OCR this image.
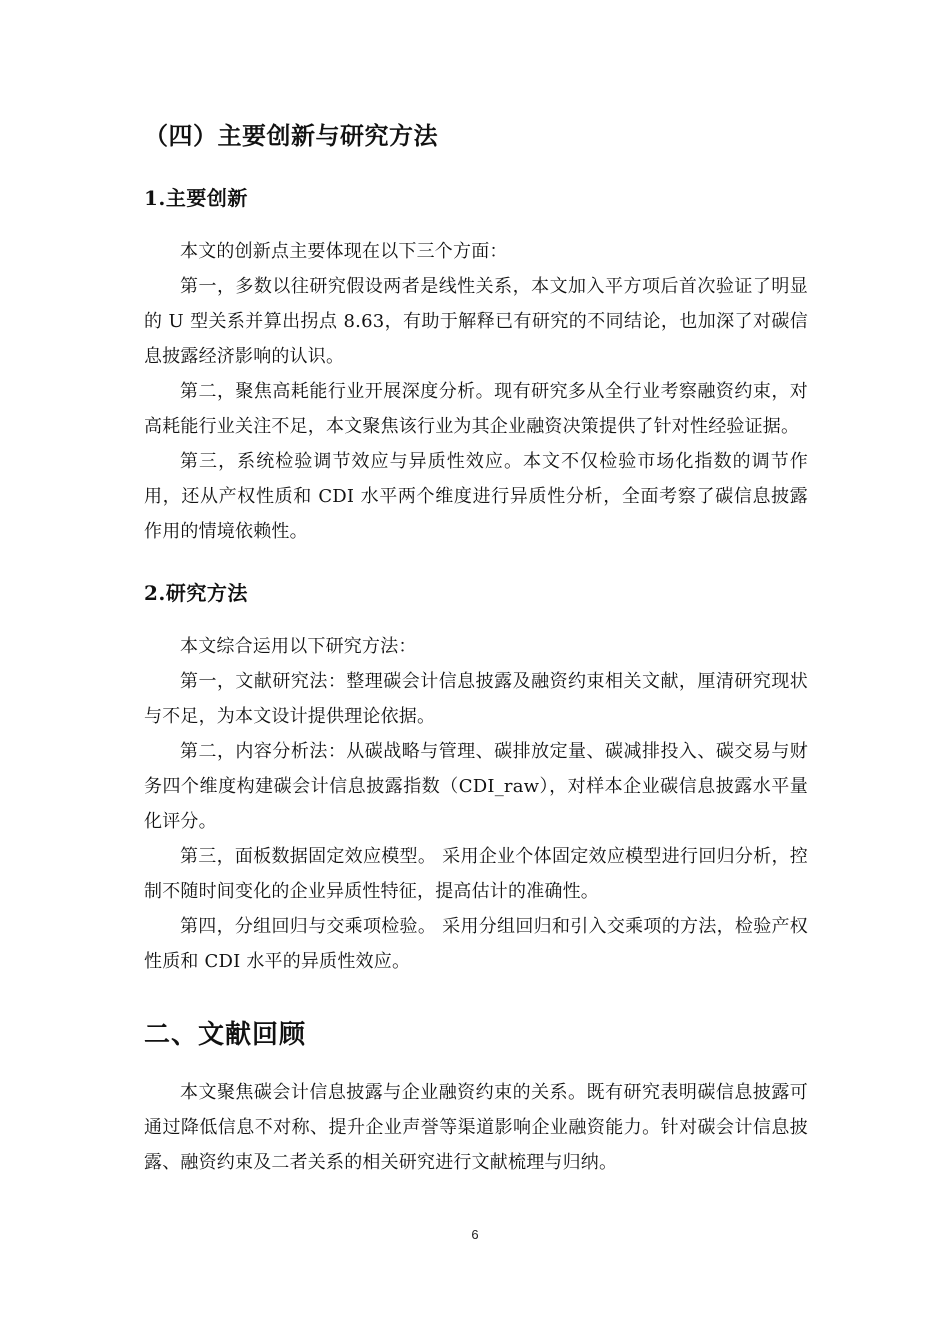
（四）主要创新与研究方法
1.主要创新

本文的创新点主要体现在以下三个方面：

第一，多数以往研究假设两者是线性关系，本文加入平方项后首次验证了明显的 U 型关系并算出拐点 8.63，有助于解释已有研究的不同结论，也加深了对碳信息披露经济影响的认识。

第二，聚焦高耗能行业开展深度分析。现有研究多从全行业考察融资约束，对高耗能行业关注不足，本文聚焦该行业为其企业融资决策提供了针对性经验证据。

第三，系统检验调节效应与异质性效应。本文不仅检验市场化指数的调节作用，还从产权性质和 CDI 水平两个维度进行异质性分析，全面考察了碳信息披露作用的情境依赖性。

2.研究方法

本文综合运用以下研究方法：

第一，文献研究法：整理碳会计信息披露及融资约束相关文献，厘清研究现状与不足，为本文设计提供理论依据。

第二，内容分析法：从碳战略与管理、碳排放定量、碳减排投入、碳交易与财务四个维度构建碳会计信息披露指数（CDI_raw），对样本企业碳信息披露水平量化评分。

第三，面板数据固定效应模型。 采用企业个体固定效应模型进行回归分析，控制不随时间变化的企业异质性特征，提高估计的准确性。

第四，分组回归与交乘项检验。 采用分组回归和引入交乘项的方法，检验产权性质和 CDI 水平的异质性效应。

二、文献回顾

本文聚焦碳会计信息披露与企业融资约束的关系。既有研究表明碳信息披露可通过降低信息不对称、提升企业声誉等渠道影响企业融资能力。针对碳会计信息披露、融资约束及二者关系的相关研究进行文献梳理与归纳。

6
